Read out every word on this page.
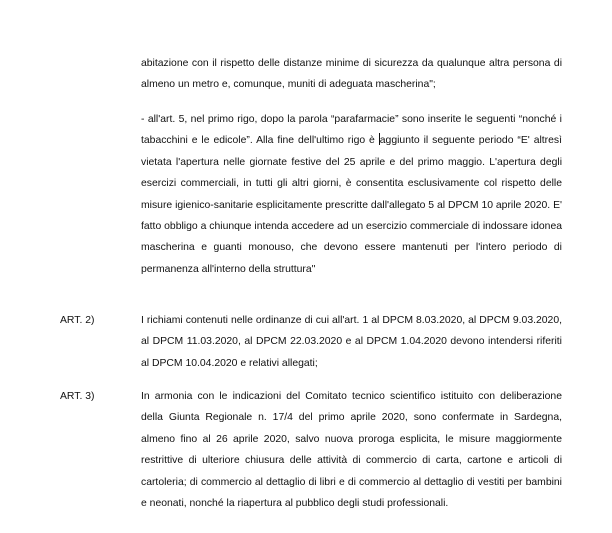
abitazione con il rispetto delle distanze minime di sicurezza da qualunque altra persona di almeno un metro e, comunque, muniti di adeguata mascherina";

- all'art. 5, nel primo rigo, dopo la parola “parafarmacie” sono inserite le seguenti “nonché i tabacchini e le edicole”. Alla fine dell'ultimo rigo è aggiunto il seguente periodo “E' altresì vietata l'apertura nelle giornate festive del 25 aprile e del primo maggio. L'apertura degli esercizi commerciali, in tutti gli altri giorni, è consentita esclusivamente col rispetto delle misure igienico-sanitarie esplicitamente prescritte dall'allegato 5 al DPCM 10 aprile 2020. E' fatto obbligo a chiunque intenda accedere ad un esercizio commerciale di indossare idonea mascherina e guanti monouso, che devono essere mantenuti per l'intero periodo di permanenza all'interno della struttura"

ART. 2)	I richiami contenuti nelle ordinanze di cui all'art. 1 al DPCM 8.03.2020, al DPCM 9.03.2020, al DPCM 11.03.2020, al DPCM 22.03.2020 e al DPCM 1.04.2020 devono intendersi riferiti al DPCM 10.04.2020 e relativi allegati;

ART. 3)	In armonia con le indicazioni del Comitato tecnico scientifico istituito con deliberazione della Giunta Regionale n. 17/4 del primo aprile 2020, sono confermate in Sardegna, almeno fino al 26 aprile 2020, salvo nuova proroga esplicita, le misure maggiormente restrittive di ulteriore chiusura delle attività di commercio di carta, cartone e articoli di cartoleria; di commercio al dettaglio di libri e di commercio al dettaglio di vestiti per bambini e neonati, nonché la riapertura al pubblico degli studi professionali.
